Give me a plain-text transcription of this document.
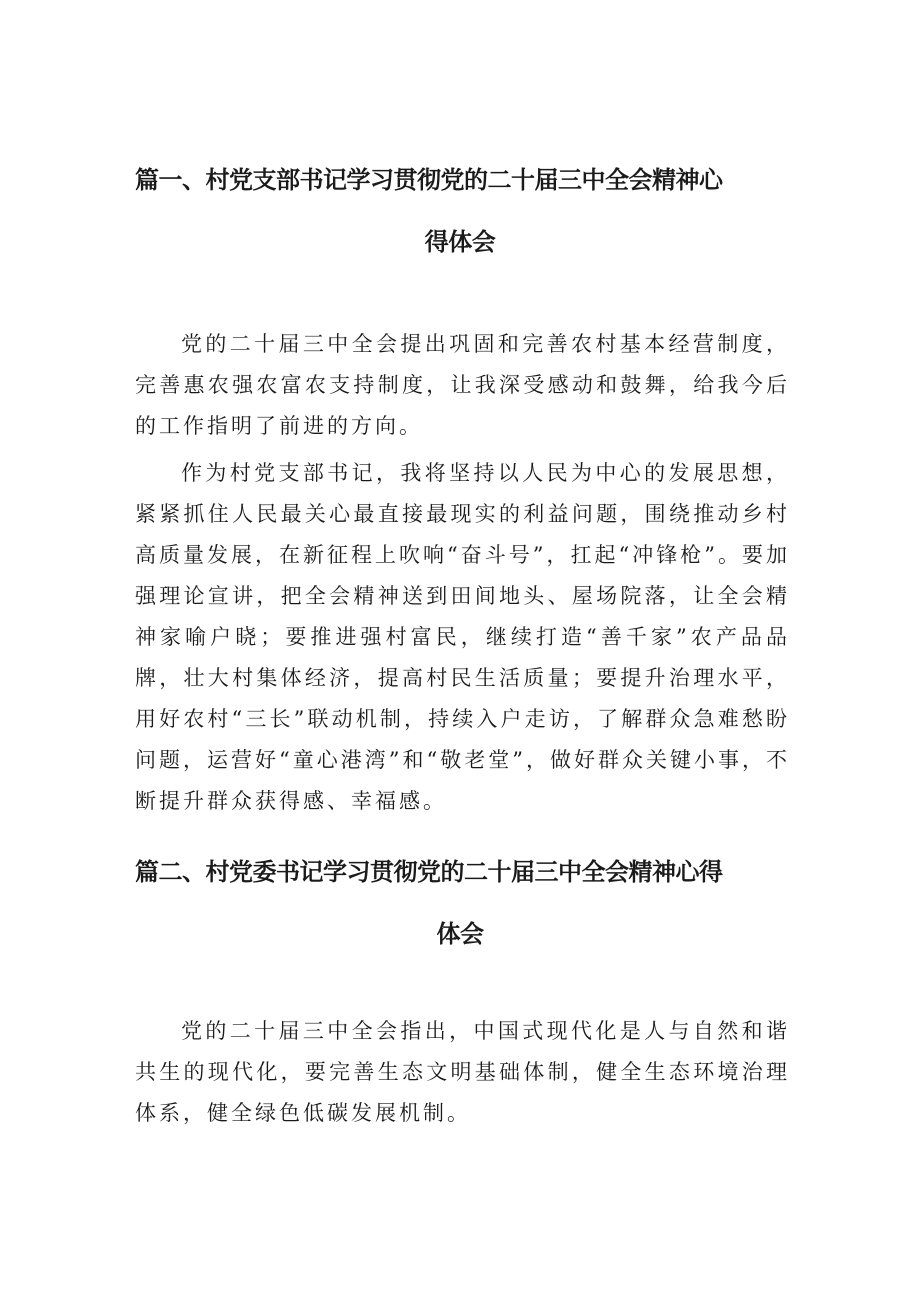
篇一、村党支部书记学习贯彻党的二十届三中全会精神心
得体会

党的二十届三中全会提出巩固和完善农村基本经营制度，完善惠农强农富农支持制度，让我深受感动和鼓舞，给我今后的工作指明了前进的方向。

作为村党支部书记，我将坚持以人民为中心的发展思想，紧紧抓住人民最关心最直接最现实的利益问题，围绕推动乡村高质量发展，在新征程上吹响“奋斗号”，扛起“冲锋枪”。要加强理论宣讲，把全会精神送到田间地头、屋场院落，让全会精神家喻户晓；要推进强村富民，继续打造“善千家”农产品品牌，壮大村集体经济，提高村民生活质量；要提升治理水平，用好农村“三长”联动机制，持续入户走访，了解群众急难愁盼问题，运营好“童心港湾”和“敬老堂”，做好群众关键小事，不断提升群众获得感、幸福感。

篇二、村党委书记学习贯彻党的二十届三中全会精神心得
体会

党的二十届三中全会指出，中国式现代化是人与自然和谐共生的现代化，要完善生态文明基础体制，健全生态环境治理体系，健全绿色低碳发展机制。
